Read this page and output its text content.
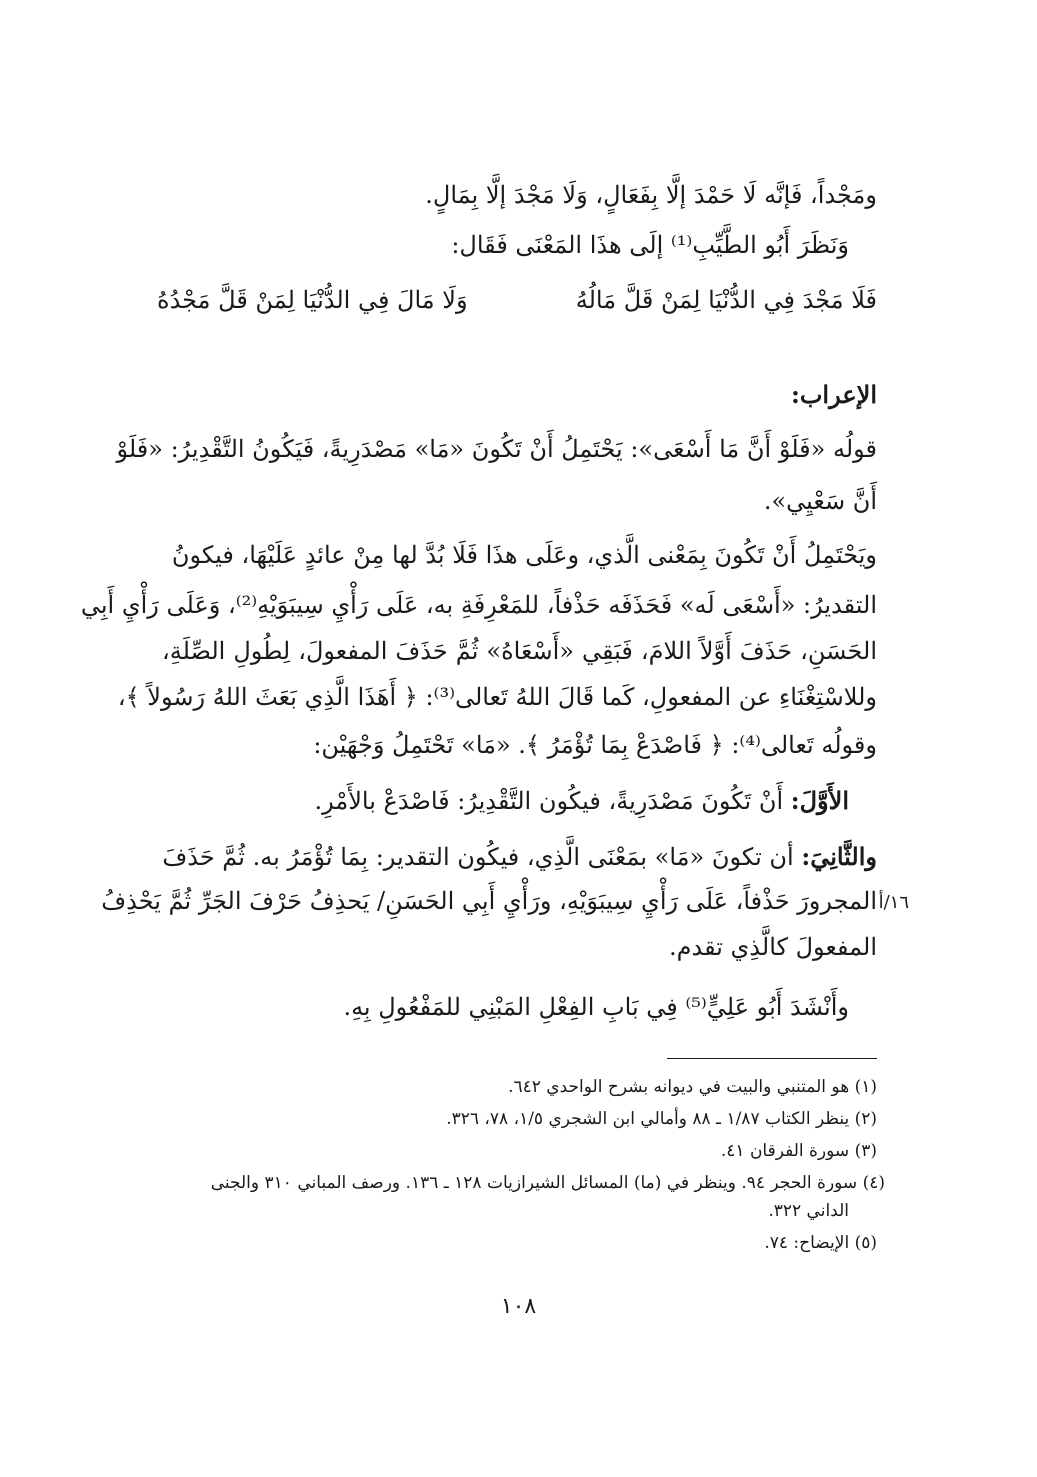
ومَجْداً، فَإنَّه لَا حَمْدَ إلَّا بِفَعَالٍ، وَلَا مَجْدَ إلَّا بِمَالٍ.
وَنَظَرَ أَبُو الطَّيِّبِ⁽¹⁾ إلَى هذَا المَعْنَى فَقَال:
فَلَا مَجْدَ فِي الدُّنْيَا لِمَنْ قَلَّ مَالُهُ
وَلَا مَالَ فِي الدُّنْيَا لِمَنْ قَلَّ مَجْدُهُ
الإعراب:
قولُه «فَلَوْ أَنَّ مَا أَسْعَى»: يَحْتَمِلُ أَنْ تَكُونَ «مَا» مَصْدَرِيةً، فَيَكُونُ التَّقْدِيرُ: «فَلَوْ
أَنَّ سَعْيِي».
ويَحْتَمِلُ أَنْ تَكُونَ بِمَعْنى الَّذي، وعَلَى هذَا فَلَا بُدَّ لها مِنْ عائدٍ عَلَيْهَا، فيكونُ
التقديرُ: «أَسْعَى لَه» فَحَذَفَه حَذْفاً، للمَعْرِفَةِ به، عَلَى رَأْيِ سِيبَوَيْهِ⁽²⁾، وَعَلَى رَأْيِ أَبِي
الحَسَنِ، حَذَفَ أَوَّلاً اللامَ، فَبَقِي «أَسْعَاهُ» ثُمَّ حَذَفَ المفعولَ، لِطُولِ الصِّلَةِ،
وللاسْتِغْنَاءِ عن المفعولِ، كَما قَالَ اللهُ تَعالى⁽³⁾: ﴿ أَهَذَا الَّذِي بَعَثَ اللهُ رَسُولاً ﴾،
وقولُه تَعالى⁽⁴⁾: ﴿ فَاصْدَعْ بِمَا تُؤْمَرُ ﴾. «مَا» تَحْتَمِلُ وَجْهَيْن:
الأَوَّلَ: أَنْ تَكُونَ مَصْدَرِيةً، فيكُون التَّقْدِيرُ: فَاصْدَعْ بالأَمْرِ.
والثَّانِيَ: أن تكونَ «مَا» بمَعْنَى الَّذِي، فيكُون التقدير: بِمَا تُؤْمَرُ به. ثُمَّ حَذَفَ
المجرورَ حَذْفاً، عَلَى رَأْيِ سِيبَوَيْهِ، ورَأْيِ أَبِي الحَسَنِ/ يَحذِفُ حَرْفَ الجَرِّ ثُمَّ يَحْذِفُ
المفعولَ كالَّذِي تقدم.
١٦/أ
وأَنْشَدَ أَبُو عَلِيٍّ⁽⁵⁾ فِي بَابِ الفِعْلِ المَبْنِي للمَفْعُولِ بِهِ.
(١) هو المتنبي والبيت في ديوانه بشرح الواحدي ٦٤٢.
(٢) ينظر الكتاب ١/٨٧ ـ ٨٨ وأمالي ابن الشجري ١/٥، ٧٨، ٣٢٦.
(٣) سورة الفرقان ٤١.
(٤) سورة الحجر ٩٤. وينظر في (ما) المسائل الشيرازيات ١٢٨ ـ ١٣٦. ورصف المباني ٣١٠ والجنى
الداني ٣٢٢.
(٥) الإيضاح: ٧٤.
١٠٨
